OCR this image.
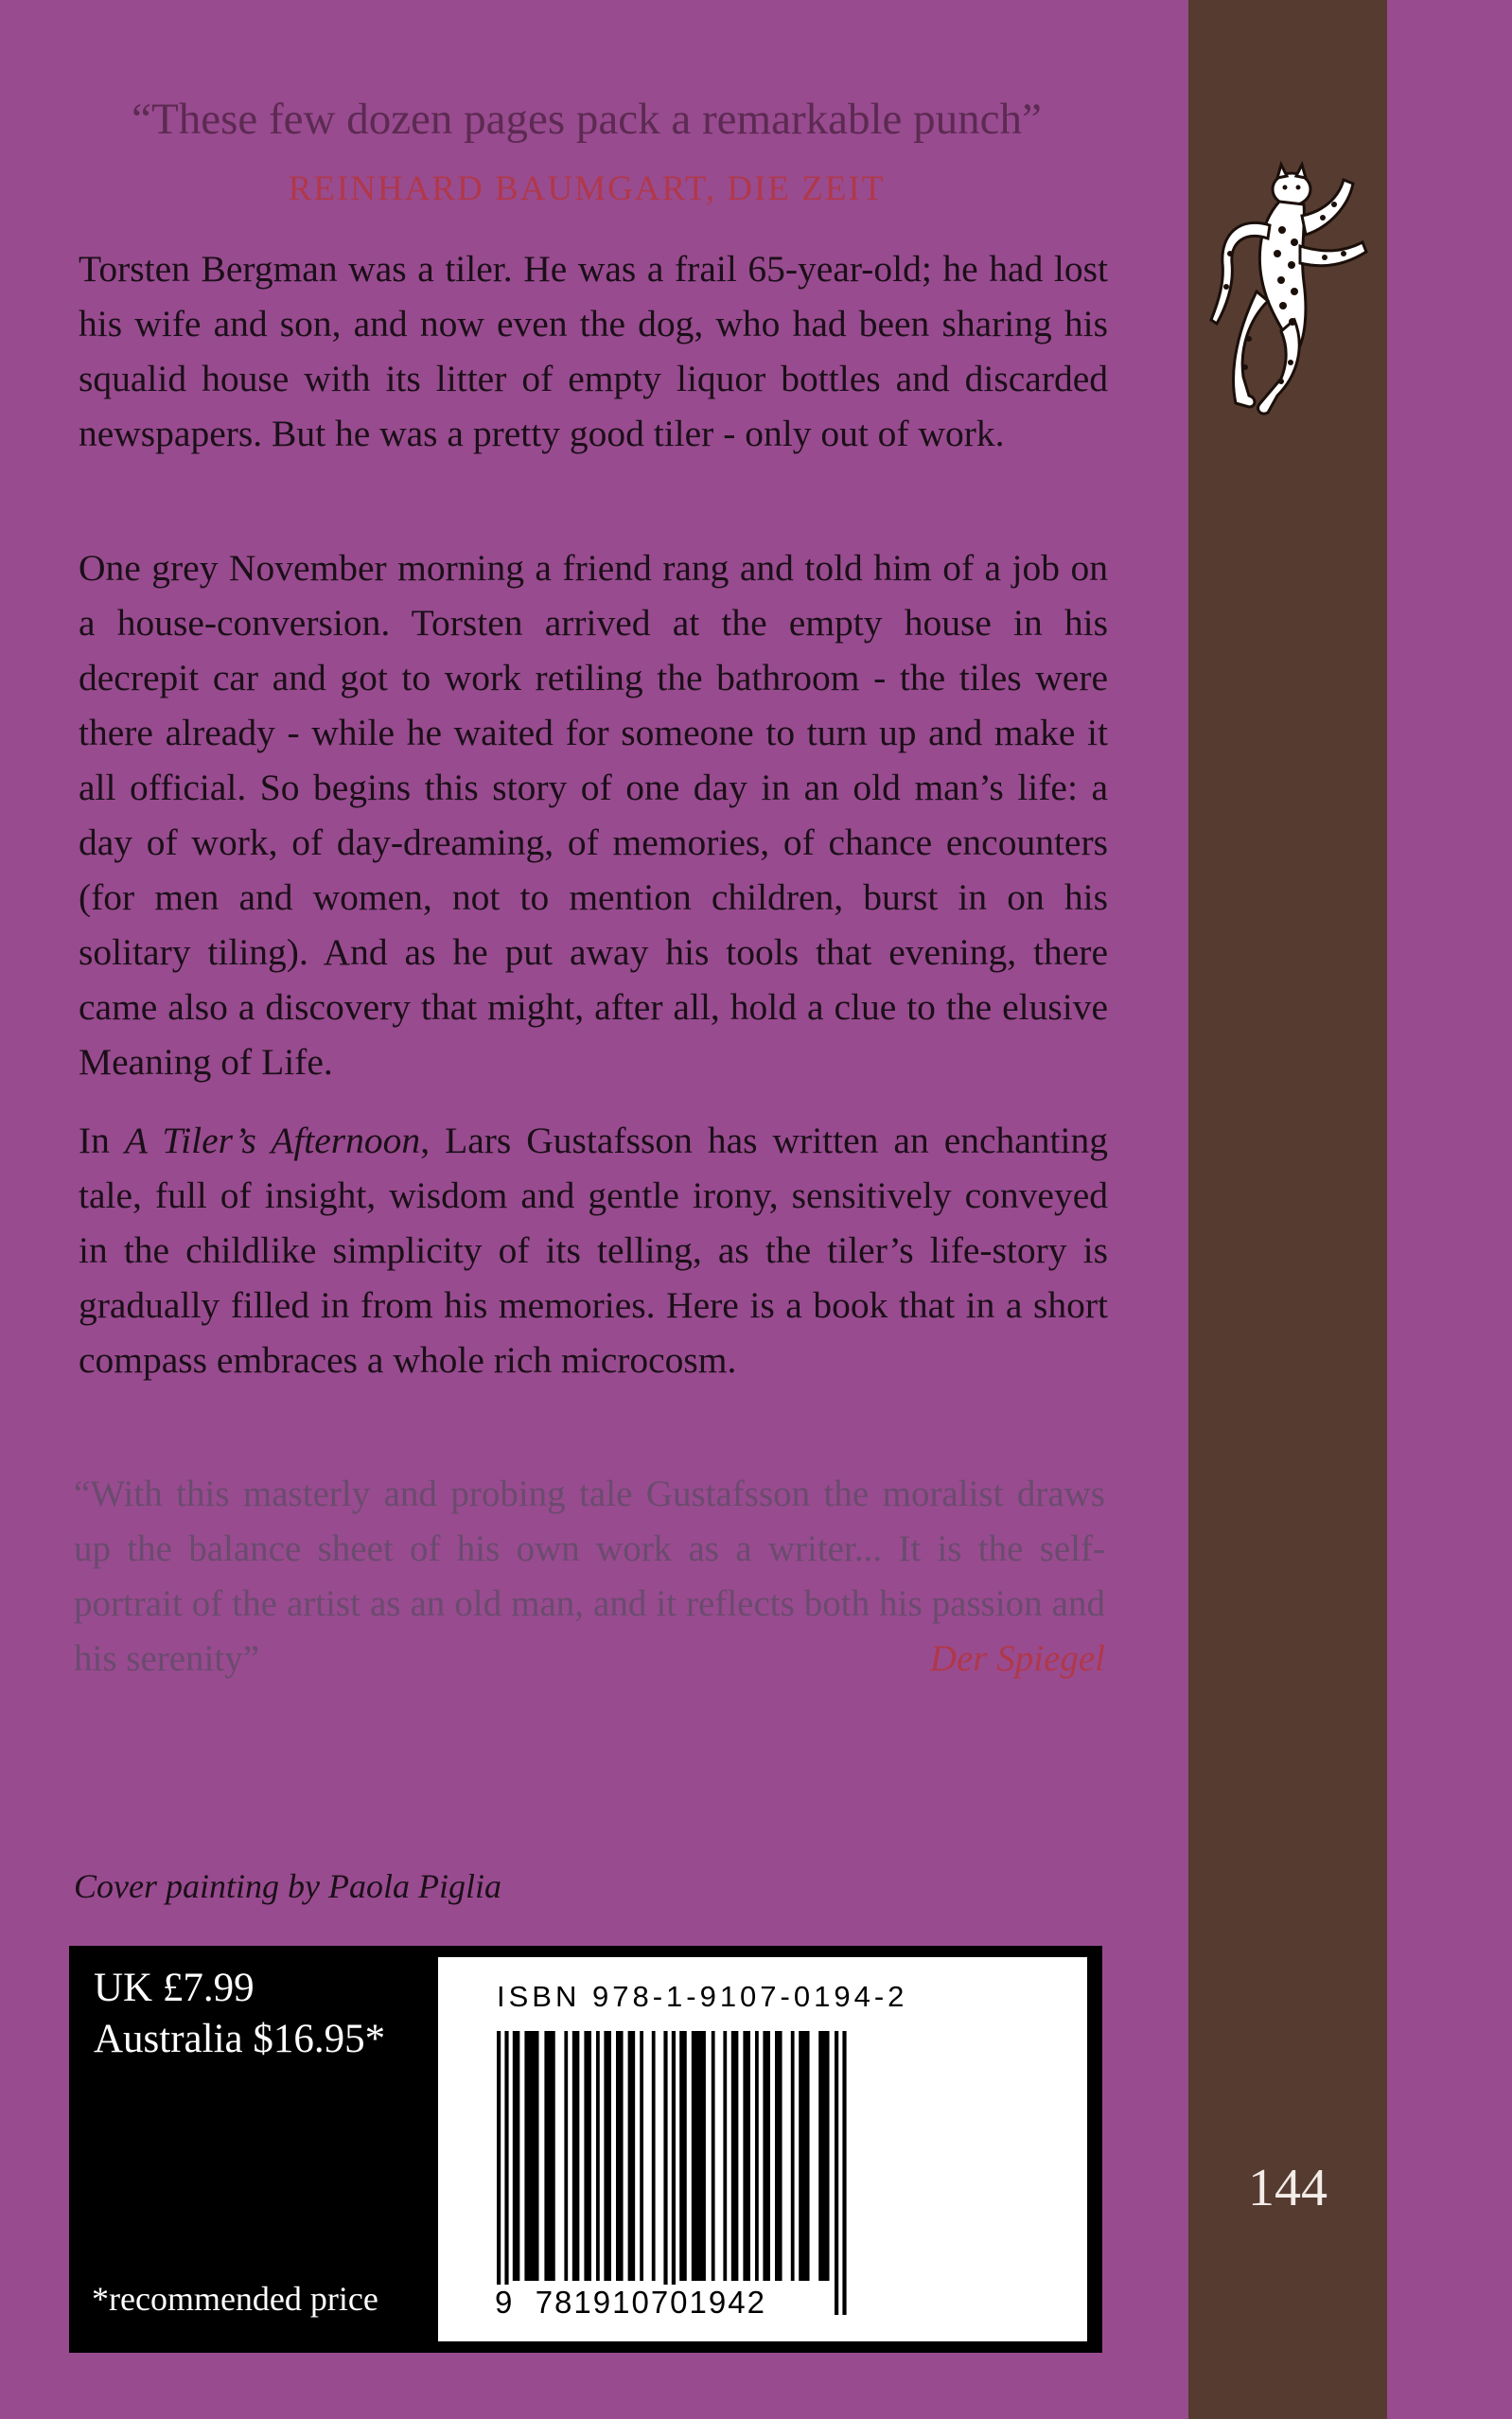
“These few dozen pages pack a remarkable punch”
REINHARD BAUMGART, DIE ZEIT

Torsten Bergman was a tiler. He was a frail 65-year-old; he had lost his wife and son, and now even the dog, who had been sharing his squalid house with its litter of empty liquor bottles and discarded newspapers. But he was a pretty good tiler - only out of work.

One grey November morning a friend rang and told him of a job on a house-conversion. Torsten arrived at the empty house in his decrepit car and got to work retiling the bathroom - the tiles were there already - while he waited for someone to turn up and make it all official. So begins this story of one day in an old man’s life: a day of work, of day-dreaming, of memories, of chance encounters (for men and women, not to mention children, burst in on his solitary tiling). And as he put away his tools that evening, there came also a discovery that might, after all, hold a clue to the elusive Meaning of Life.

In A Tiler’s Afternoon, Lars Gustafsson has written an enchanting tale, full of insight, wisdom and gentle irony, sensitively conveyed in the childlike simplicity of its telling, as the tiler’s life-story is gradually filled in from his memories. Here is a book that in a short compass embraces a whole rich microcosm.

“With this masterly and probing tale Gustafsson the moralist draws up the balance sheet of his own work as a writer... It is the self-portrait of the artist as an old man, and it reflects both his passion and his serenity”	Der Spiegel

Cover painting by Paola Piglia
UK £7.99
Australia $16.95*
*recommended price
ISBN 978-1-9107-0194-2
9 781910701942
144
